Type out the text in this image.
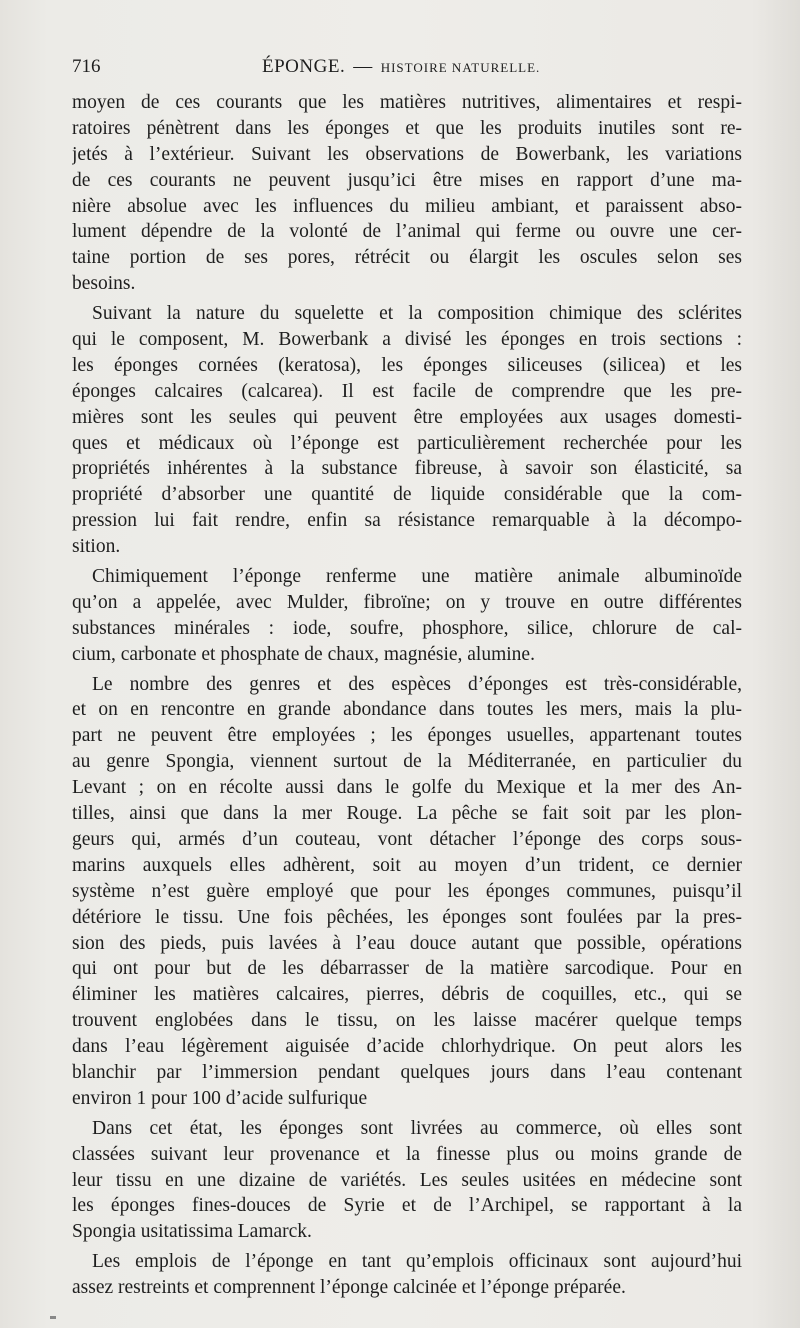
716	ÉPONGE. — HISTOIRE NATURELLE.
moyen de ces courants que les matières nutritives, alimentaires et respi-
ratoires pénètrent dans les éponges et que les produits inutiles sont re-
jetés à l’extérieur. Suivant les observations de Bowerbank, les variations
de ces courants ne peuvent jusqu’ici être mises en rapport d’une ma-
nière absolue avec les influences du milieu ambiant, et paraissent abso-
lument dépendre de la volonté de l’animal qui ferme ou ouvre une cer-
taine portion de ses pores, rétrécit ou élargit les oscules selon ses
besoins.
Suivant la nature du squelette et la composition chimique des sclérites
qui le composent, M. Bowerbank a divisé les éponges en trois sections :
les éponges cornées (keratosa), les éponges siliceuses (silicea) et les
éponges calcaires (calcarea). Il est facile de comprendre que les pre-
mières sont les seules qui peuvent être employées aux usages domesti-
ques et médicaux où l’éponge est particulièrement recherchée pour les
propriétés inhérentes à la substance fibreuse, à savoir son élasticité, sa
propriété d’absorber une quantité de liquide considérable que la com-
pression lui fait rendre, enfin sa résistance remarquable à la décompo-
sition.
Chimiquement l’éponge renferme une matière animale albuminoïde
qu’on a appelée, avec Mulder, fibroïne; on y trouve en outre différentes
substances minérales : iode, soufre, phosphore, silice, chlorure de cal-
cium, carbonate et phosphate de chaux, magnésie, alumine.
Le nombre des genres et des espèces d’éponges est très-considérable,
et on en rencontre en grande abondance dans toutes les mers, mais la plu-
part ne peuvent être employées ; les éponges usuelles, appartenant toutes
au genre Spongia, viennent surtout de la Méditerranée, en particulier du
Levant ; on en récolte aussi dans le golfe du Mexique et la mer des An-
tilles, ainsi que dans la mer Rouge. La pêche se fait soit par les plon-
geurs qui, armés d’un couteau, vont détacher l’éponge des corps sous-
marins auxquels elles adhèrent, soit au moyen d’un trident, ce dernier
système n’est guère employé que pour les éponges communes, puisqu’il
détériore le tissu. Une fois pêchées, les éponges sont foulées par la pres-
sion des pieds, puis lavées à l’eau douce autant que possible, opérations
qui ont pour but de les débarrasser de la matière sarcodique. Pour en
éliminer les matières calcaires, pierres, débris de coquilles, etc., qui se
trouvent englobées dans le tissu, on les laisse macérer quelque temps
dans l’eau légèrement aiguisée d’acide chlorhydrique. On peut alors les
blanchir par l’immersion pendant quelques jours dans l’eau contenant
environ 1 pour 100 d’acide sulfurique
Dans cet état, les éponges sont livrées au commerce, où elles sont
classées suivant leur provenance et la finesse plus ou moins grande de
leur tissu en une dizaine de variétés. Les seules usitées en médecine sont
les éponges fines-douces de Syrie et de l’Archipel, se rapportant à la
Spongia usitatissima Lamarck.
Les emplois de l’éponge en tant qu’emplois officinaux sont aujourd’hui
assez restreints et comprennent l’éponge calcinée et l’éponge préparée.
